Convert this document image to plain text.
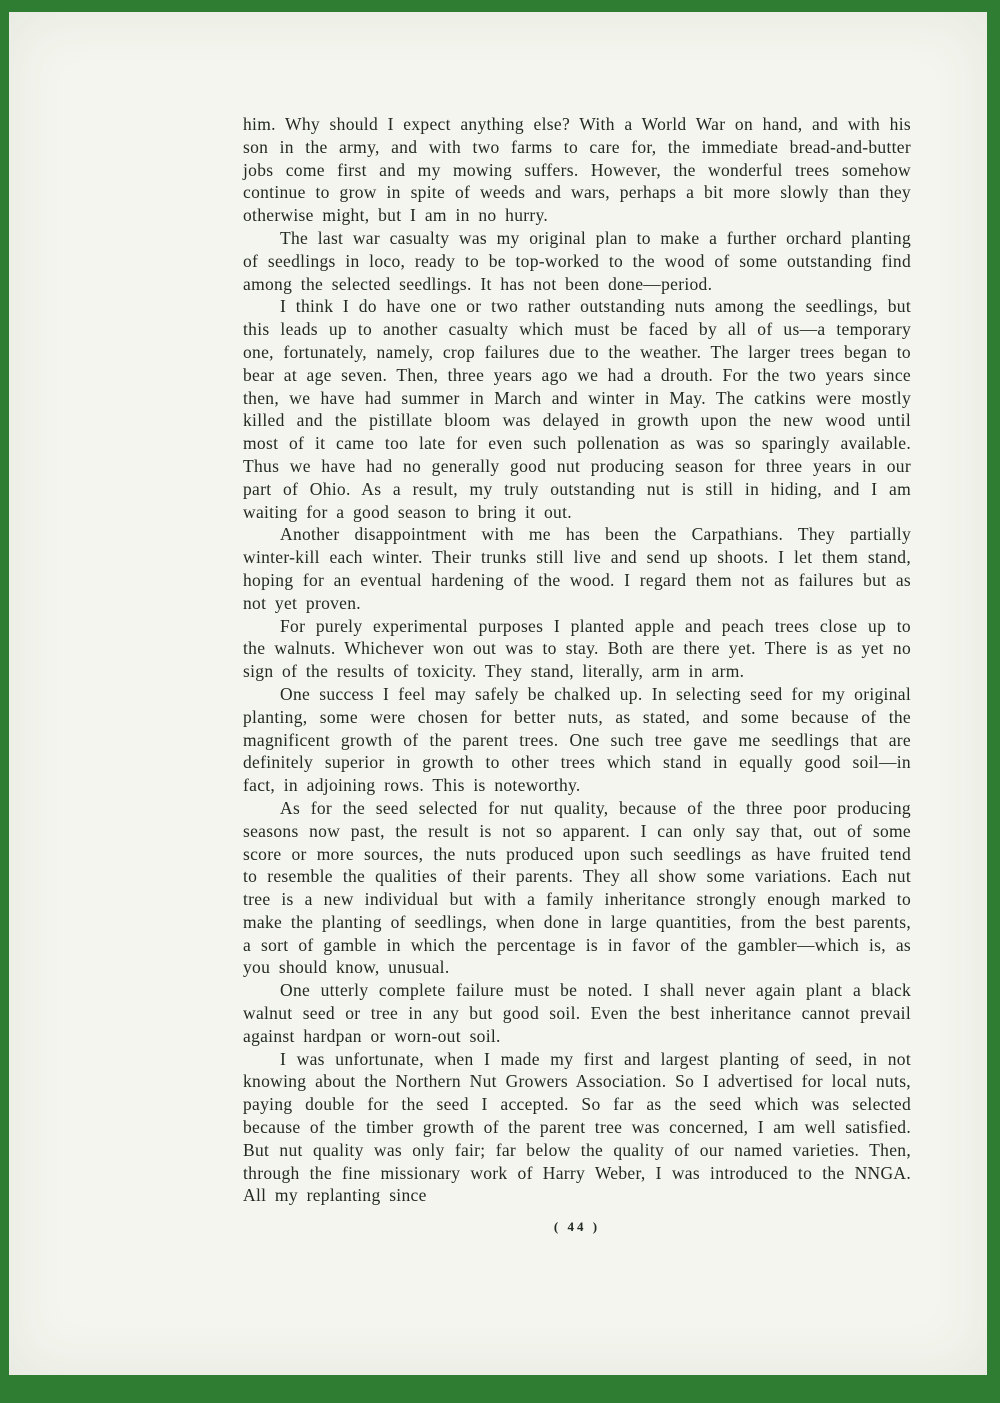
him. Why should I expect anything else? With a World War on hand, and with his son in the army, and with two farms to care for, the immediate bread-and-butter jobs come first and my mowing suffers. However, the wonderful trees somehow continue to grow in spite of weeds and wars, perhaps a bit more slowly than they otherwise might, but I am in no hurry.

The last war casualty was my original plan to make a further orchard planting of seedlings in loco, ready to be top-worked to the wood of some outstanding find among the selected seedlings. It has not been done—period.

I think I do have one or two rather outstanding nuts among the seedlings, but this leads up to another casualty which must be faced by all of us—a temporary one, fortunately, namely, crop failures due to the weather. The larger trees began to bear at age seven. Then, three years ago we had a drouth. For the two years since then, we have had summer in March and winter in May. The catkins were mostly killed and the pistillate bloom was delayed in growth upon the new wood until most of it came too late for even such pollenation as was so sparingly available. Thus we have had no generally good nut producing season for three years in our part of Ohio. As a result, my truly outstanding nut is still in hiding, and I am waiting for a good season to bring it out.

Another disappointment with me has been the Carpathians. They partially winter-kill each winter. Their trunks still live and send up shoots. I let them stand, hoping for an eventual hardening of the wood. I regard them not as failures but as not yet proven.

For purely experimental purposes I planted apple and peach trees close up to the walnuts. Whichever won out was to stay. Both are there yet. There is as yet no sign of the results of toxicity. They stand, literally, arm in arm.

One success I feel may safely be chalked up. In selecting seed for my original planting, some were chosen for better nuts, as stated, and some because of the magnificent growth of the parent trees. One such tree gave me seedlings that are definitely superior in growth to other trees which stand in equally good soil—in fact, in adjoining rows. This is noteworthy.

As for the seed selected for nut quality, because of the three poor producing seasons now past, the result is not so apparent. I can only say that, out of some score or more sources, the nuts produced upon such seedlings as have fruited tend to resemble the qualities of their parents. They all show some variations. Each nut tree is a new individual but with a family inheritance strongly enough marked to make the planting of seedlings, when done in large quantities, from the best parents, a sort of gamble in which the percentage is in favor of the gambler—which is, as you should know, unusual.

One utterly complete failure must be noted. I shall never again plant a black walnut seed or tree in any but good soil. Even the best inheritance cannot prevail against hardpan or worn-out soil.

I was unfortunate, when I made my first and largest planting of seed, in not knowing about the Northern Nut Growers Association. So I advertised for local nuts, paying double for the seed I accepted. So far as the seed which was selected because of the timber growth of the parent tree was concerned, I am well satisfied. But nut quality was only fair; far below the quality of our named varieties. Then, through the fine missionary work of Harry Weber, I was introduced to the NNGA. All my replanting since

( 44 )
